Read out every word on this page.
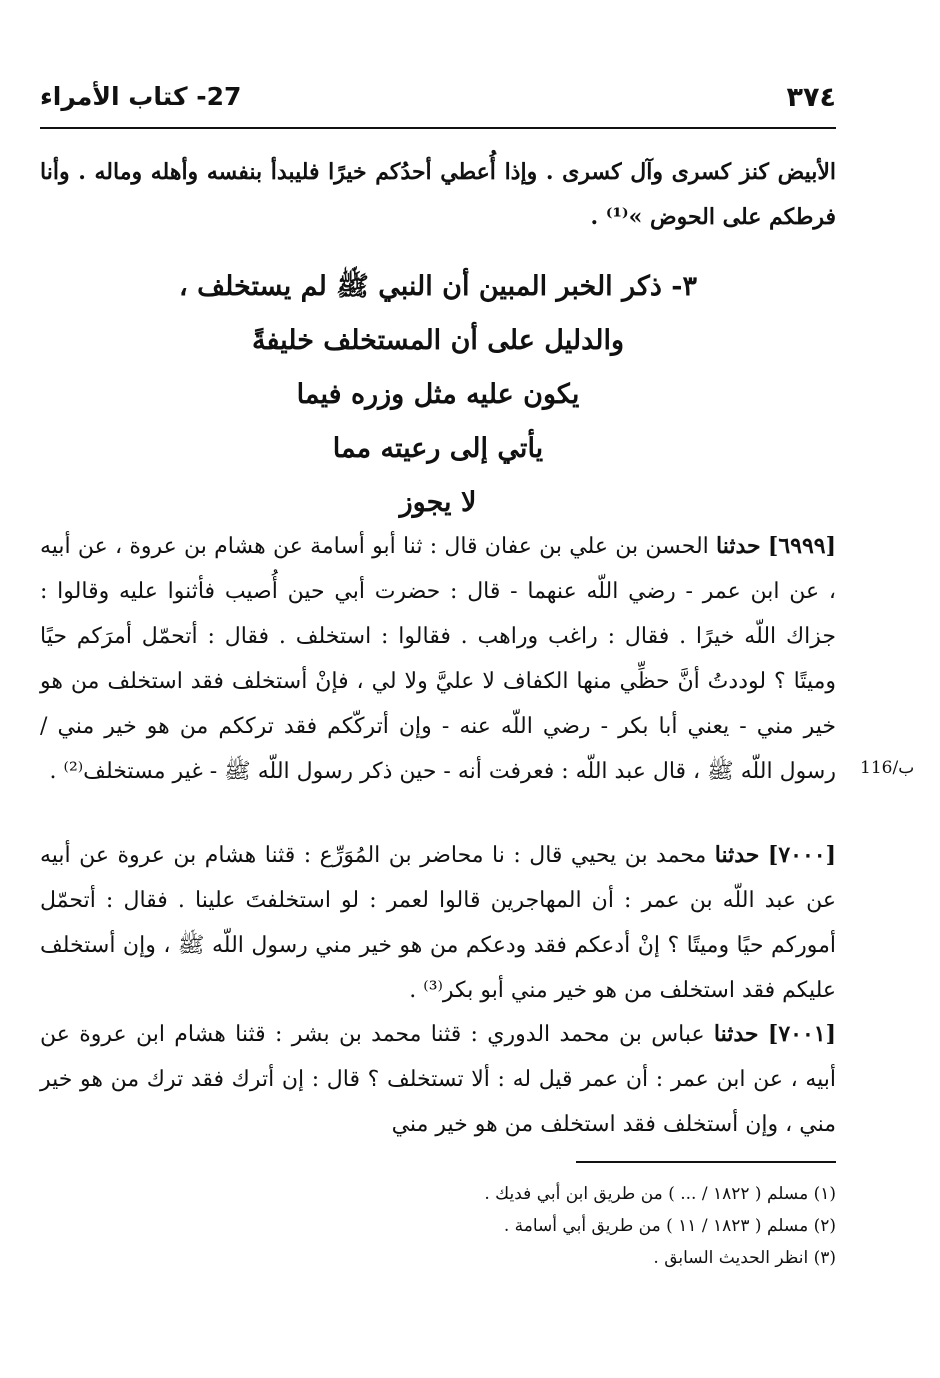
٣٧٤
27- كتاب الأمراء
الأبيض كنز كسرى وآل كسرى . وإذا أُعطي أحدُكم خيرًا فليبدأ بنفسه وأهله وماله . وأنا فرطكم على الحوض »⁽¹⁾ .
٣- ذكر الخبر المبين أن النبي ﷺ لم يستخلف ،
والدليل على أن المستخلف خليفةً
يكون عليه مثل وزره فيما
يأتي إلى رعيته مما
لا يجوز
[٦٩٩٩] حدثنا الحسن بن علي بن عفان قال : ثنا أبو أسامة عن هشام بن عروة ، عن أبيه ، عن ابن عمر - رضي اللّه عنهما - قال : حضرت أبي حين أُصيب فأثنوا عليه وقالوا : جزاك اللّه خيرًا . فقال : راغب وراهب . فقالوا : استخلف . فقال : أتحمّل أمرَكم حيًا وميتًا ؟ لوددتُ أنَّ حظِّي منها الكفاف لا عليَّ ولا لي ، فإنْ أستخلف فقد استخلف من هو خير مني - يعني أبا بكر - رضي اللّه عنه - وإن أتركّكم فقد ترككم من هو خير مني / رسول اللّه ﷺ ، قال عبد اللّه : فعرفت أنه - حين ذكر رسول اللّه ﷺ - غير مستخلف⁽²⁾ . 116/ب
[٧٠٠٠] حدثنا محمد بن يحيي قال : نا محاضر بن المُوَرِّع : قثنا هشام بن عروة عن أبيه عن عبد اللّه بن عمر : أن المهاجرين قالوا لعمر : لو استخلفتَ علينا . فقال : أتحمّل أموركم حيًا وميتًا ؟ إنْ أدعكم فقد ودعكم من هو خير مني رسول اللّه ﷺ ، وإن أستخلف عليكم فقد استخلف من هو خير مني أبو بكر⁽³⁾ .
[٧٠٠١] حدثنا عباس بن محمد الدوري : قثنا محمد بن بشر : قثنا هشام ابن عروة عن أبيه ، عن ابن عمر : أن عمر قيل له : ألا تستخلف ؟ قال : إن أترك فقد ترك من هو خير مني ، وإن أستخلف فقد استخلف من هو خير مني
(١) مسلم ( ١٨٢٢ / ... ) من طريق ابن أبي فديك .
(٢) مسلم ( ١٨٢٣ / ١١ ) من طريق أبي أسامة .
(٣) انظر الحديث السابق .
